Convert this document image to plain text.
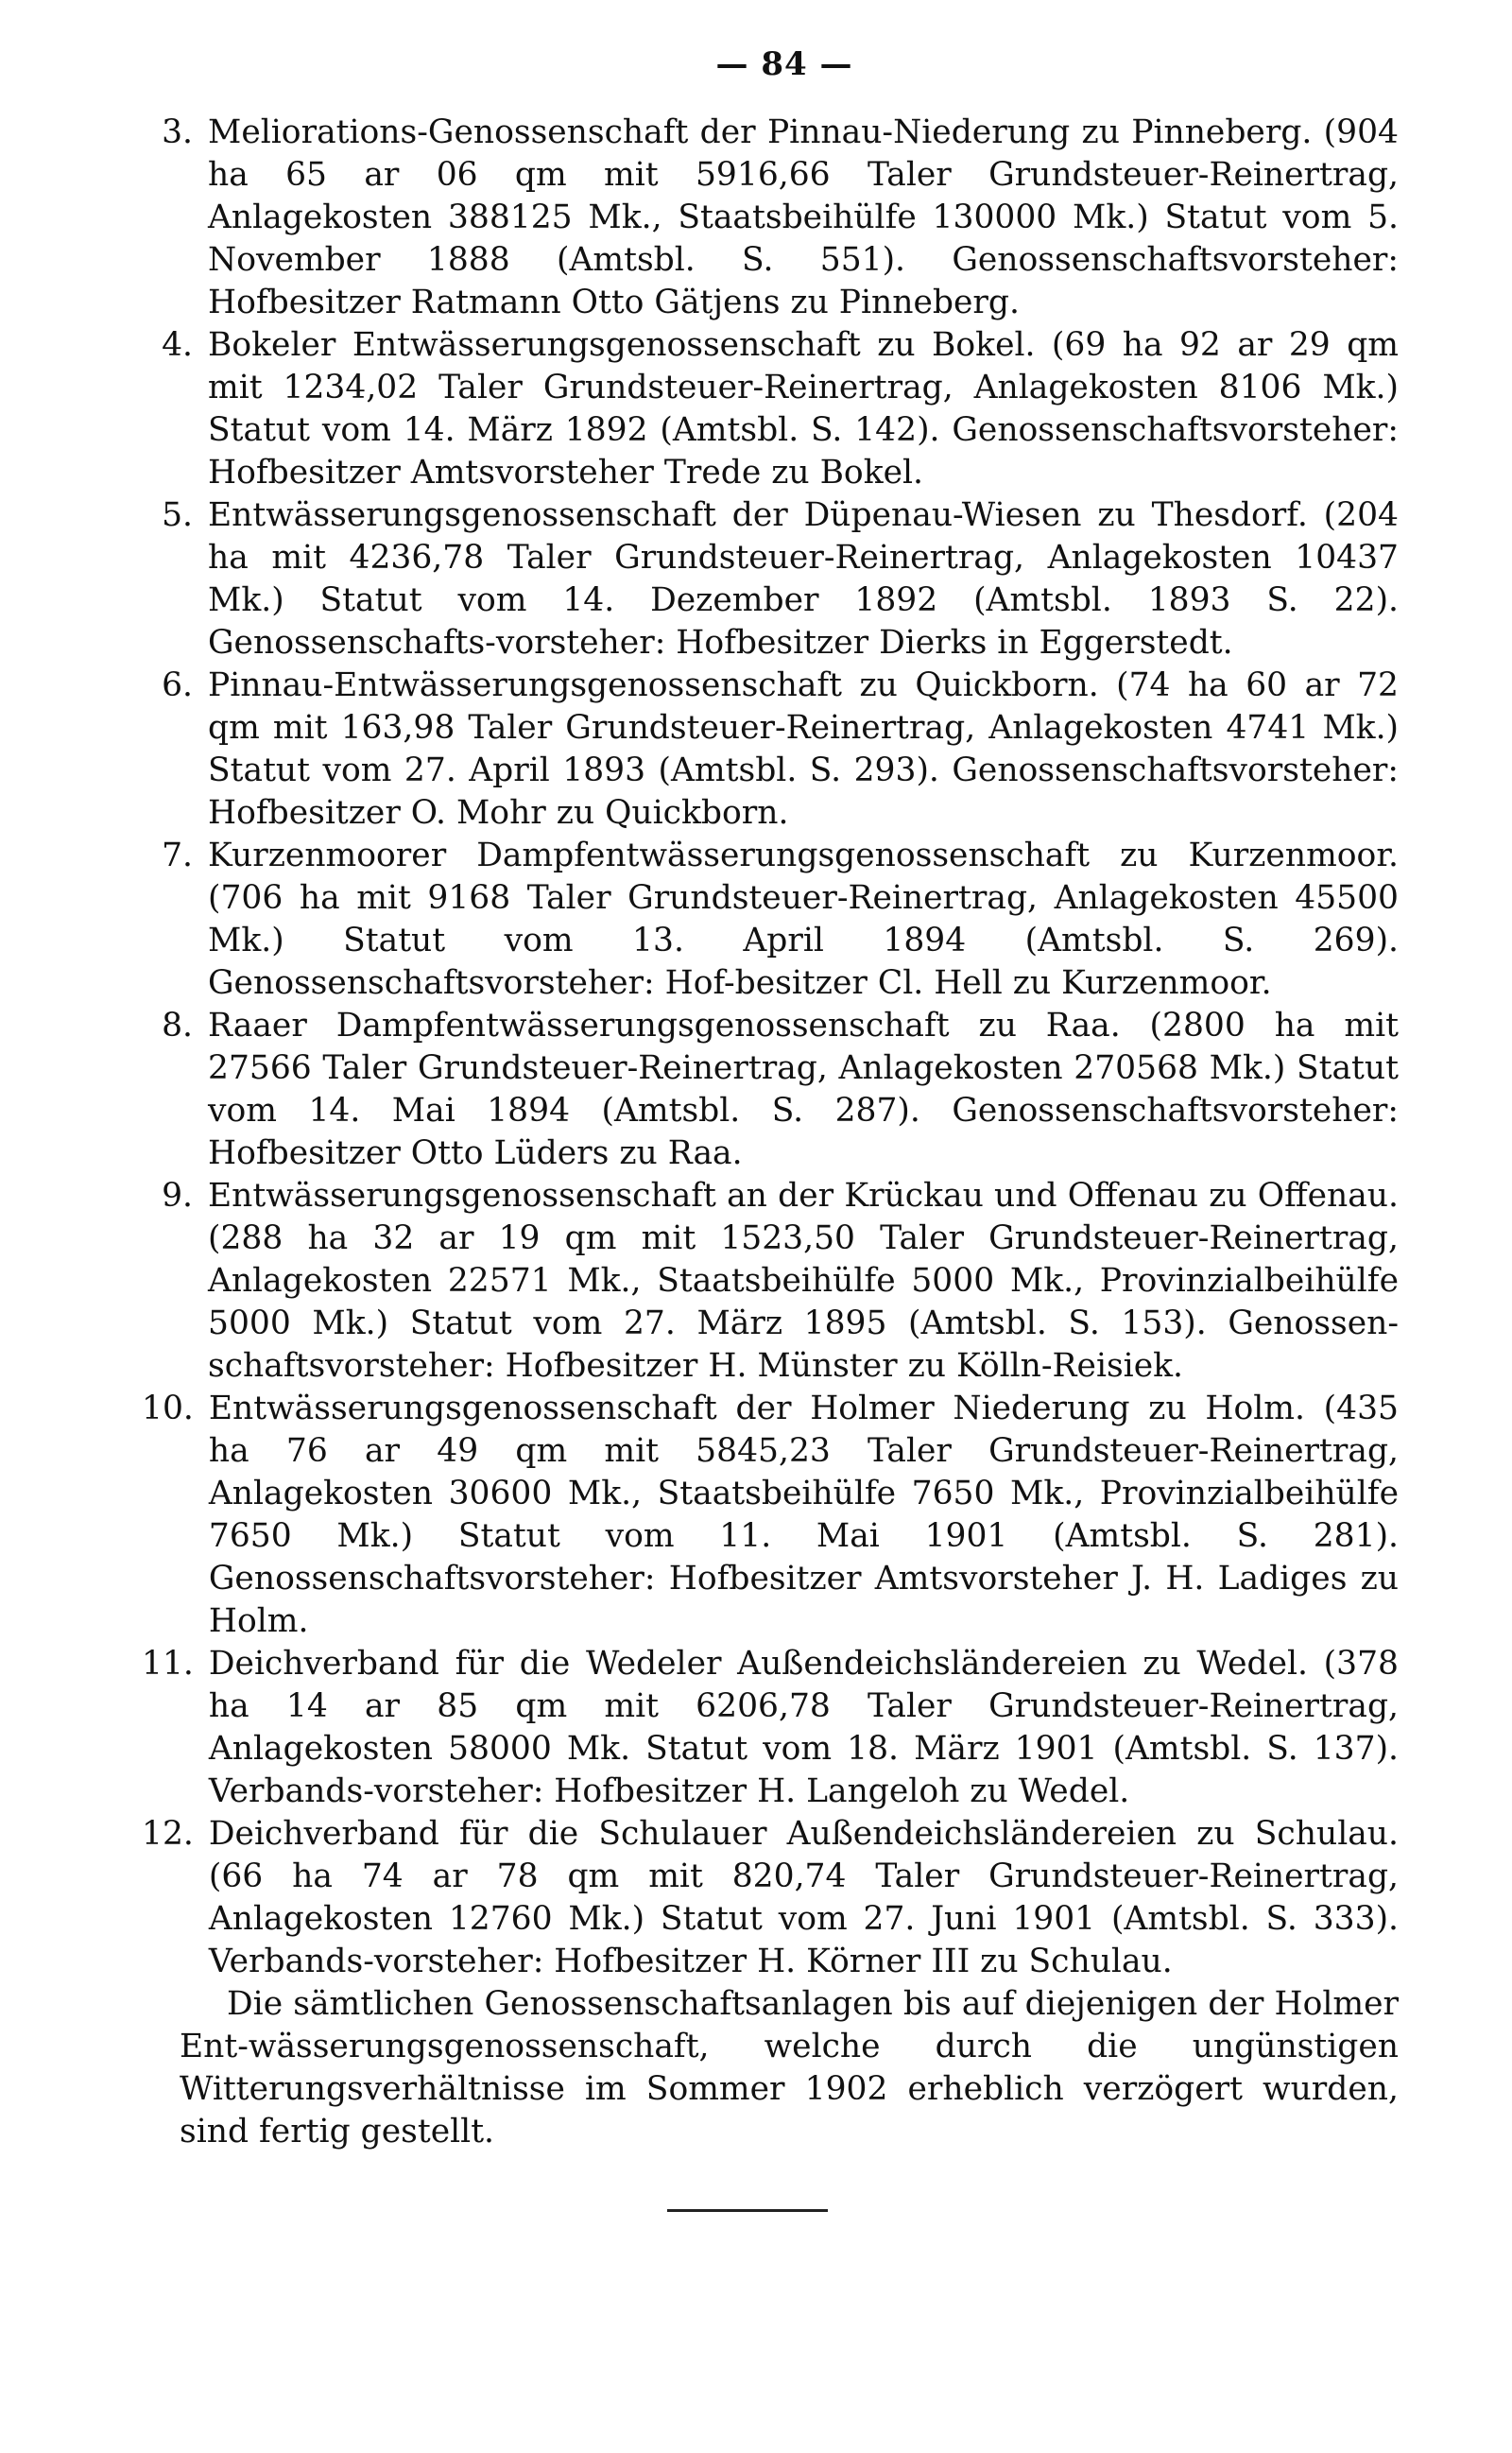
— 84 —
3. Meliorations-Genossenschaft der Pinnau-Niederung zu Pinneberg. (904 ha 65 ar 06 qm mit 5916,66 Taler Grundsteuer-Reinertrag, Anlagekosten 388125 Mk., Staatsbeihülfe 130000 Mk.) Statut vom 5. November 1888 (Amtsbl. S. 551). Genossenschaftsvorsteher: Hofbesitzer Ratmann Otto Gätjens zu Pinneberg.
4. Bokeler Entwässerungsgenossenschaft zu Bokel. (69 ha 92 ar 29 qm mit 1234,02 Taler Grundsteuer-Reinertrag, Anlagekosten 8106 Mk.) Statut vom 14. März 1892 (Amtsbl. S. 142). Genossenschaftsvorsteher: Hofbesitzer Amtsvorsteher Trede zu Bokel.
5. Entwässerungsgenossenschaft der Düpenau-Wiesen zu Thesdorf. (204 ha mit 4236,78 Taler Grundsteuer-Reinertrag, Anlagekosten 10437 Mk.) Statut vom 14. Dezember 1892 (Amtsbl. 1893 S. 22). Genossenschafts-vorsteher: Hofbesitzer Dierks in Eggerstedt.
6. Pinnau-Entwässerungsgenossenschaft zu Quickborn. (74 ha 60 ar 72 qm mit 163,98 Taler Grundsteuer-Reinertrag, Anlagekosten 4741 Mk.) Statut vom 27. April 1893 (Amtsbl. S. 293). Genossenschaftsvorsteher: Hofbesitzer O. Mohr zu Quickborn.
7. Kurzenmoorer Dampfentwässerungsgenossenschaft zu Kurzenmoor. (706 ha mit 9168 Taler Grundsteuer-Reinertrag, Anlagekosten 45500 Mk.) Statut vom 13. April 1894 (Amtsbl. S. 269). Genossenschaftsvorsteher: Hof-besitzer Cl. Hell zu Kurzenmoor.
8. Raaer Dampfentwässerungsgenossenschaft zu Raa. (2800 ha mit 27566 Taler Grundsteuer-Reinertrag, Anlagekosten 270568 Mk.) Statut vom 14. Mai 1894 (Amtsbl. S. 287). Genossenschaftsvorsteher: Hofbesitzer Otto Lüders zu Raa.
9. Entwässerungsgenossenschaft an der Krückau und Offenau zu Offenau. (288 ha 32 ar 19 qm mit 1523,50 Taler Grundsteuer-Reinertrag, Anlagekosten 22571 Mk., Staatsbeihülfe 5000 Mk., Provinzialbeihülfe 5000 Mk.) Statut vom 27. März 1895 (Amtsbl. S. 153). Genossen-schaftsvorsteher: Hofbesitzer H. Münster zu Kölln-Reisiek.
10. Entwässerungsgenossenschaft der Holmer Niederung zu Holm. (435 ha 76 ar 49 qm mit 5845,23 Taler Grundsteuer-Reinertrag, Anlagekosten 30600 Mk., Staatsbeihülfe 7650 Mk., Provinzialbeihülfe 7650 Mk.) Statut vom 11. Mai 1901 (Amtsbl. S. 281). Genossenschaftsvorsteher: Hofbesitzer Amtsvorsteher J. H. Ladiges zu Holm.
11. Deichverband für die Wedeler Außendeichsländereien zu Wedel. (378 ha 14 ar 85 qm mit 6206,78 Taler Grundsteuer-Reinertrag, Anlagekosten 58000 Mk. Statut vom 18. März 1901 (Amtsbl. S. 137). Verbands-vorsteher: Hofbesitzer H. Langeloh zu Wedel.
12. Deichverband für die Schulauer Außendeichsländereien zu Schulau. (66 ha 74 ar 78 qm mit 820,74 Taler Grundsteuer-Reinertrag, Anlagekosten 12760 Mk.) Statut vom 27. Juni 1901 (Amtsbl. S. 333). Verbands-vorsteher: Hofbesitzer H. Körner III zu Schulau.

Die sämtlichen Genossenschaftsanlagen bis auf diejenigen der Holmer Ent-wässerungsgenossenschaft, welche durch die ungünstigen Witterungsverhältnisse im Sommer 1902 erheblich verzögert wurden, sind fertig gestellt.
